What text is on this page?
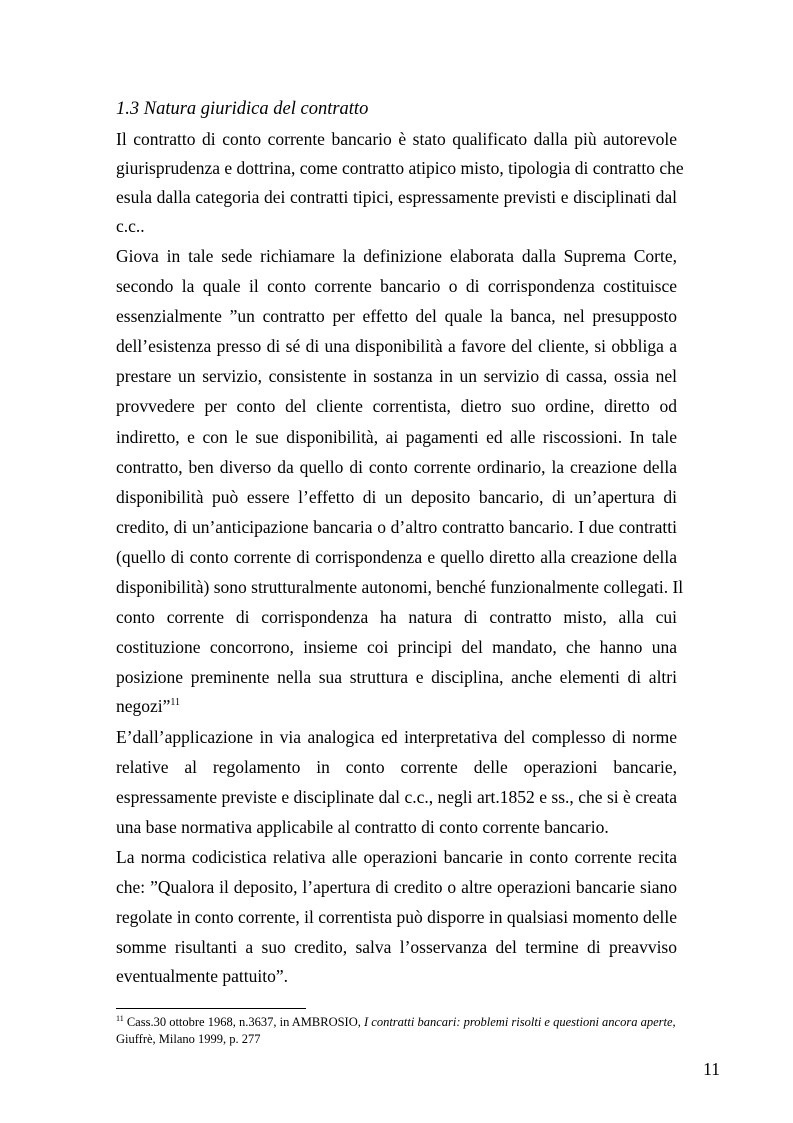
1.3 Natura giuridica del contratto
Il contratto di conto corrente bancario è stato qualificato dalla più autorevole
giurisprudenza e dottrina, come contratto atipico misto, tipologia di contratto che
esula dalla categoria dei contratti tipici, espressamente previsti e disciplinati dal
c.c..
Giova in tale sede richiamare la definizione elaborata dalla Suprema Corte,
secondo la quale il conto corrente bancario o di corrispondenza costituisce
essenzialmente ”un contratto per effetto del quale la banca, nel presupposto
dell’esistenza presso di sé di una disponibilità a favore del cliente, si obbliga a
prestare un servizio, consistente in sostanza in un servizio di cassa, ossia nel
provvedere per conto del cliente correntista, dietro suo ordine, diretto od
indiretto, e con le sue disponibilità, ai pagamenti ed alle riscossioni. In tale
contratto, ben diverso da quello di conto corrente ordinario, la creazione della
disponibilità può essere l’effetto di un deposito bancario, di un’apertura di
credito, di un’anticipazione bancaria o d’altro contratto bancario. I due contratti
(quello di conto corrente di corrispondenza e quello diretto alla creazione della
disponibilità) sono strutturalmente autonomi, benché funzionalmente collegati. Il
conto corrente di corrispondenza ha natura di contratto misto, alla cui
costituzione concorrono, insieme coi principi del mandato, che hanno una
posizione preminente nella sua struttura e disciplina, anche elementi di altri
negozi”$^{11}$
E’dall’applicazione in via analogica ed interpretativa del complesso di norme
relative al regolamento in conto corrente delle operazioni bancarie,
espressamente previste e disciplinate dal c.c., negli art.1852 e ss., che si è creata
una base normativa applicabile al contratto di conto corrente bancario.
La norma codicistica relativa alle operazioni bancarie in conto corrente recita
che: ”Qualora il deposito, l’apertura di credito o altre operazioni bancarie siano
regolate in conto corrente, il correntista può disporre in qualsiasi momento delle
somme risultanti a suo credito, salva l’osservanza del termine di preavviso
eventualmente pattuito”.
$^{11}$ Cass.30 ottobre 1968, n.3637, in AMBROSIO, I contratti bancari: problemi risolti e questioni ancora aperte,
Giuffrè, Milano 1999, p. 277
11
